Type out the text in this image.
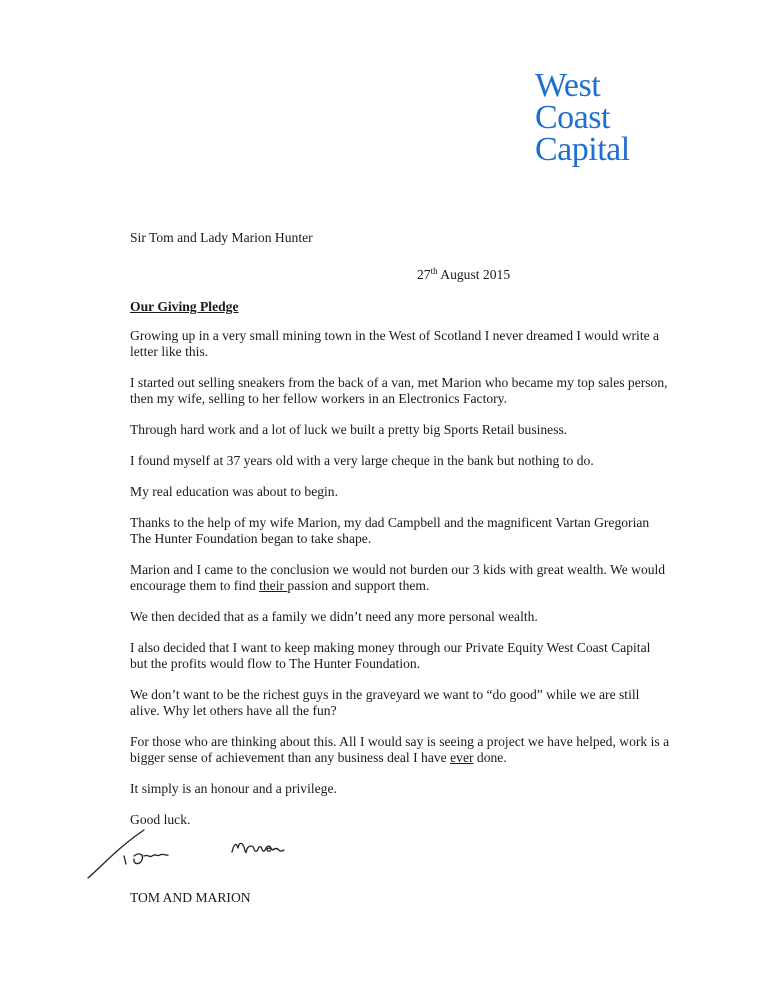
West
Coast
Capital

Sir Tom and Lady Marion Hunter

27th August 2015

Our Giving Pledge

Growing up in a very small mining town in the West of Scotland I never dreamed I would write a letter like this.

I started out selling sneakers from the back of a van, met Marion who became my top sales person, then my wife, selling to her fellow workers in an Electronics Factory.

Through hard work and a lot of luck we built a pretty big Sports Retail business.

I found myself at 37 years old with a very large cheque in the bank but nothing to do.

My real education was about to begin.

Thanks to the help of my wife Marion, my dad Campbell and the magnificent Vartan Gregorian The Hunter Foundation began to take shape.

Marion and I came to the conclusion we would not burden our 3 kids with great wealth. We would encourage them to find their passion and support them.

We then decided that as a family we didn’t need any more personal wealth.

I also decided that I want to keep making money through our Private Equity West Coast Capital but the profits would flow to The Hunter Foundation.

We don’t want to be the richest guys in the graveyard we want to “do good” while we are still alive. Why let others have all the fun?

For those who are thinking about this. All I would say is seeing a project we have helped, work is a bigger sense of achievement than any business deal I have ever done.

It simply is an honour and a privilege.

Good luck.

TOM AND MARION
